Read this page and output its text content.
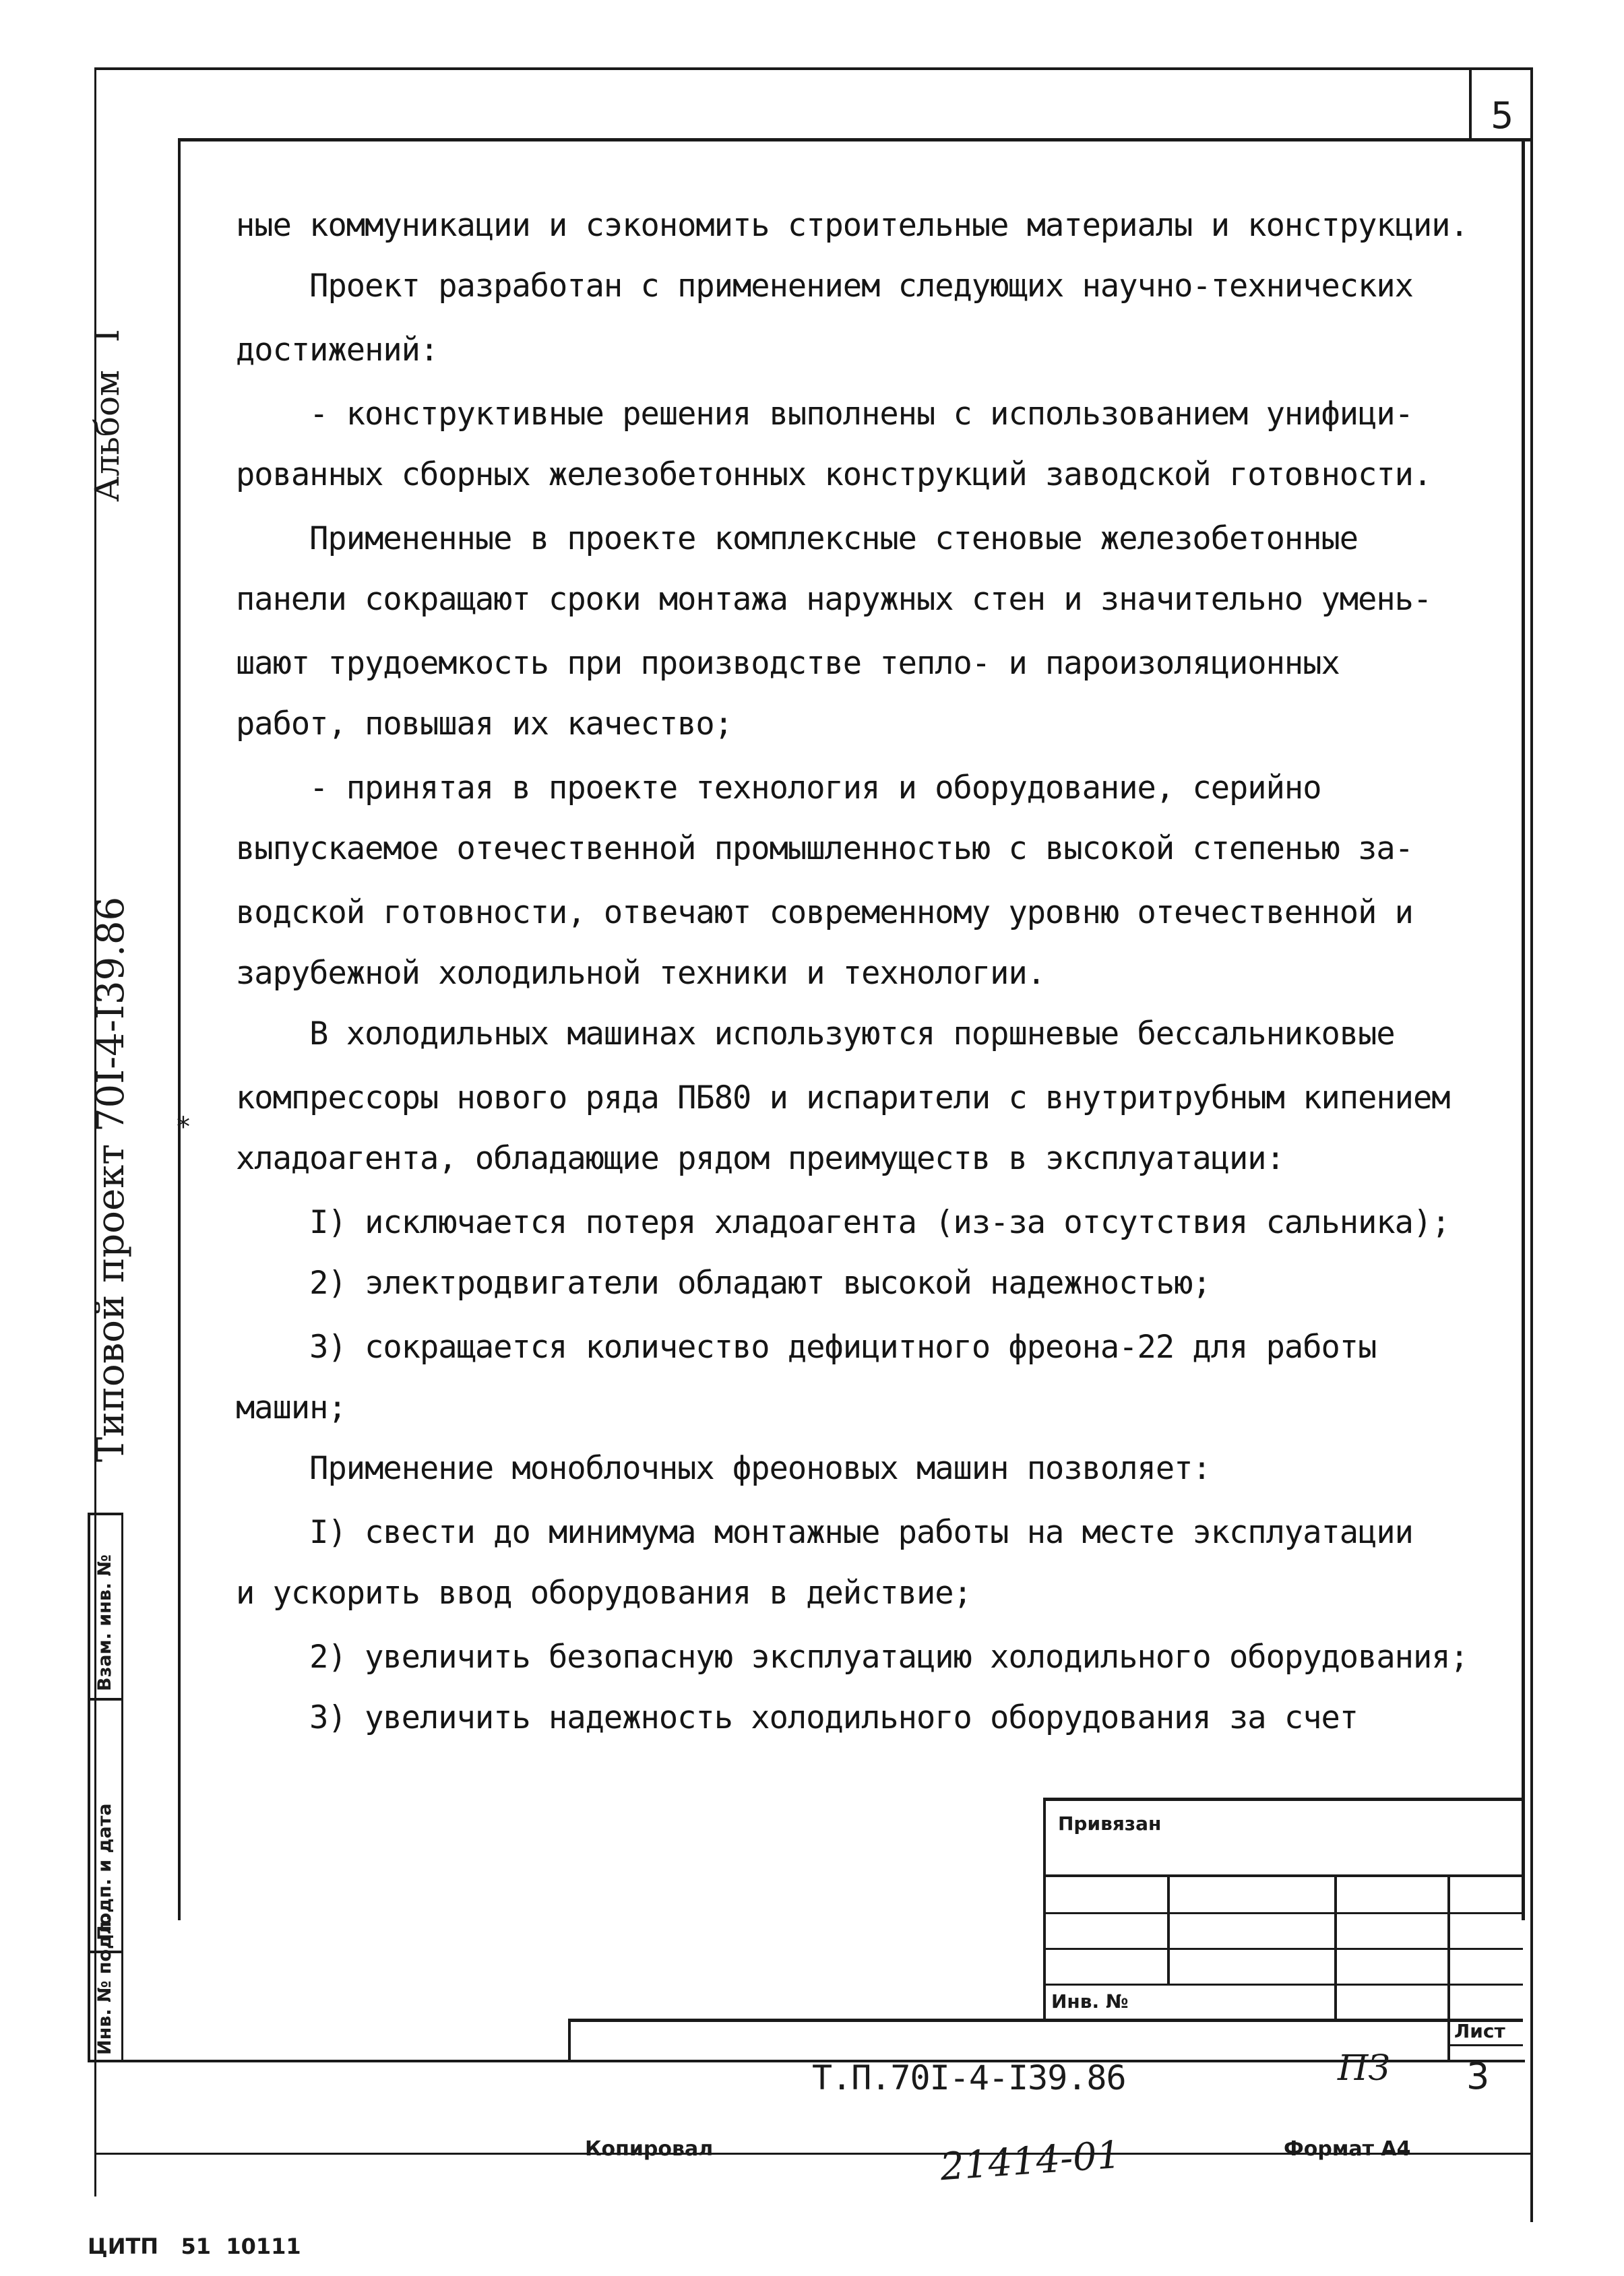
5
ные коммуникации и сэкономить строительные материалы и конструкции.
Проект разработан с применением следующих научно-технических
достижений:
- конструктивные решения выполнены с использованием унифици-
рованных сборных железобетонных конструкций заводской готовности.
Примененные в проекте комплексные стеновые железобетонные
панели сокращают сроки монтажа наружных стен и значительно умень-
шают трудоемкость при производстве тепло- и пароизоляционных
работ, повышая их качество;
- принятая в проекте технология и оборудование, серийно
выпускаемое отечественной промышленностью с высокой степенью за-
водской готовности, отвечают современному уровню отечественной и
зарубежной холодильной техники и технологии.
В холодильных машинах используются поршневые бессальниковые
компрессоры нового ряда ПБ80 и испарители с внутритрубным кипением
хладоагента, обладающие рядом преимуществ в эксплуатации:
I) исключается потеря хладоагента (из-за отсутствия сальника);
2) электродвигатели обладают высокой надежностью;
3) сокращается количество дефицитного фреона-22 для работы
машин;
Применение моноблочных фреоновых машин позволяет:
I) свести до минимума монтажные работы на месте эксплуатации
и ускорить ввод оборудования в действие;
2) увеличить безопасную эксплуатацию холодильного оборудования;
3) увеличить надежность холодильного оборудования за счет
*
Альбом I
Типовой проект 70I-4-I39.86
Взам. инв. №
Подп. и дата
Инв. № подл.
Привязан
Инв. №
Т.П.70I-4-I39.86	ПЗ
Лист
3
Копировал	21414-01	Формат А4
ЦИТП   51  10111
